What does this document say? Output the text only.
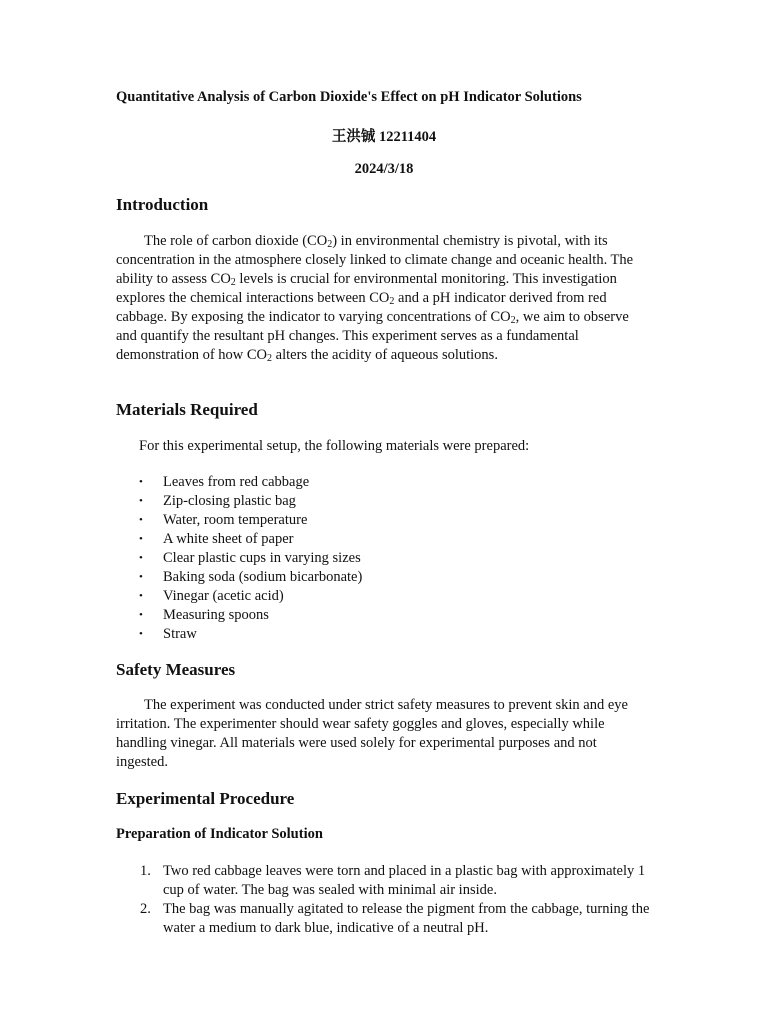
Quantitative Analysis of Carbon Dioxide's Effect on pH Indicator Solutions
王洪铖 12211404
2024/3/18
Introduction

The role of carbon dioxide $(CO_2)$ in environmental chemistry is pivotal, with its concentration in the atmosphere closely linked to climate change and oceanic health. The ability to assess $CO_2$ levels is crucial for environmental monitoring. This investigation explores the chemical interactions between $CO_2$ and a pH indicator derived from red cabbage. By exposing the indicator to varying concentrations of $CO_2$, we aim to observe and quantify the resultant pH changes. This experiment serves as a fundamental demonstration of how $CO_2$ alters the acidity of aqueous solutions.

Materials Required

For this experimental setup, the following materials were prepared:

• Leaves from red cabbage
• Zip-closing plastic bag
• Water, room temperature
• A white sheet of paper
• Clear plastic cups in varying sizes
• Baking soda (sodium bicarbonate)
• Vinegar (acetic acid)
• Measuring spoons
• Straw
Safety Measures

The experiment was conducted under strict safety measures to prevent skin and eye irritation. The experimenter should wear safety goggles and gloves, especially while handling vinegar. All materials were used solely for experimental purposes and not ingested.

Experimental Procedure
Preparation of Indicator Solution
1. Two red cabbage leaves were torn and placed in a plastic bag with approximately 1 cup of water. The bag was sealed with minimal air inside.
2. The bag was manually agitated to release the pigment from the cabbage, turning the water a medium to dark blue, indicative of a neutral pH.
